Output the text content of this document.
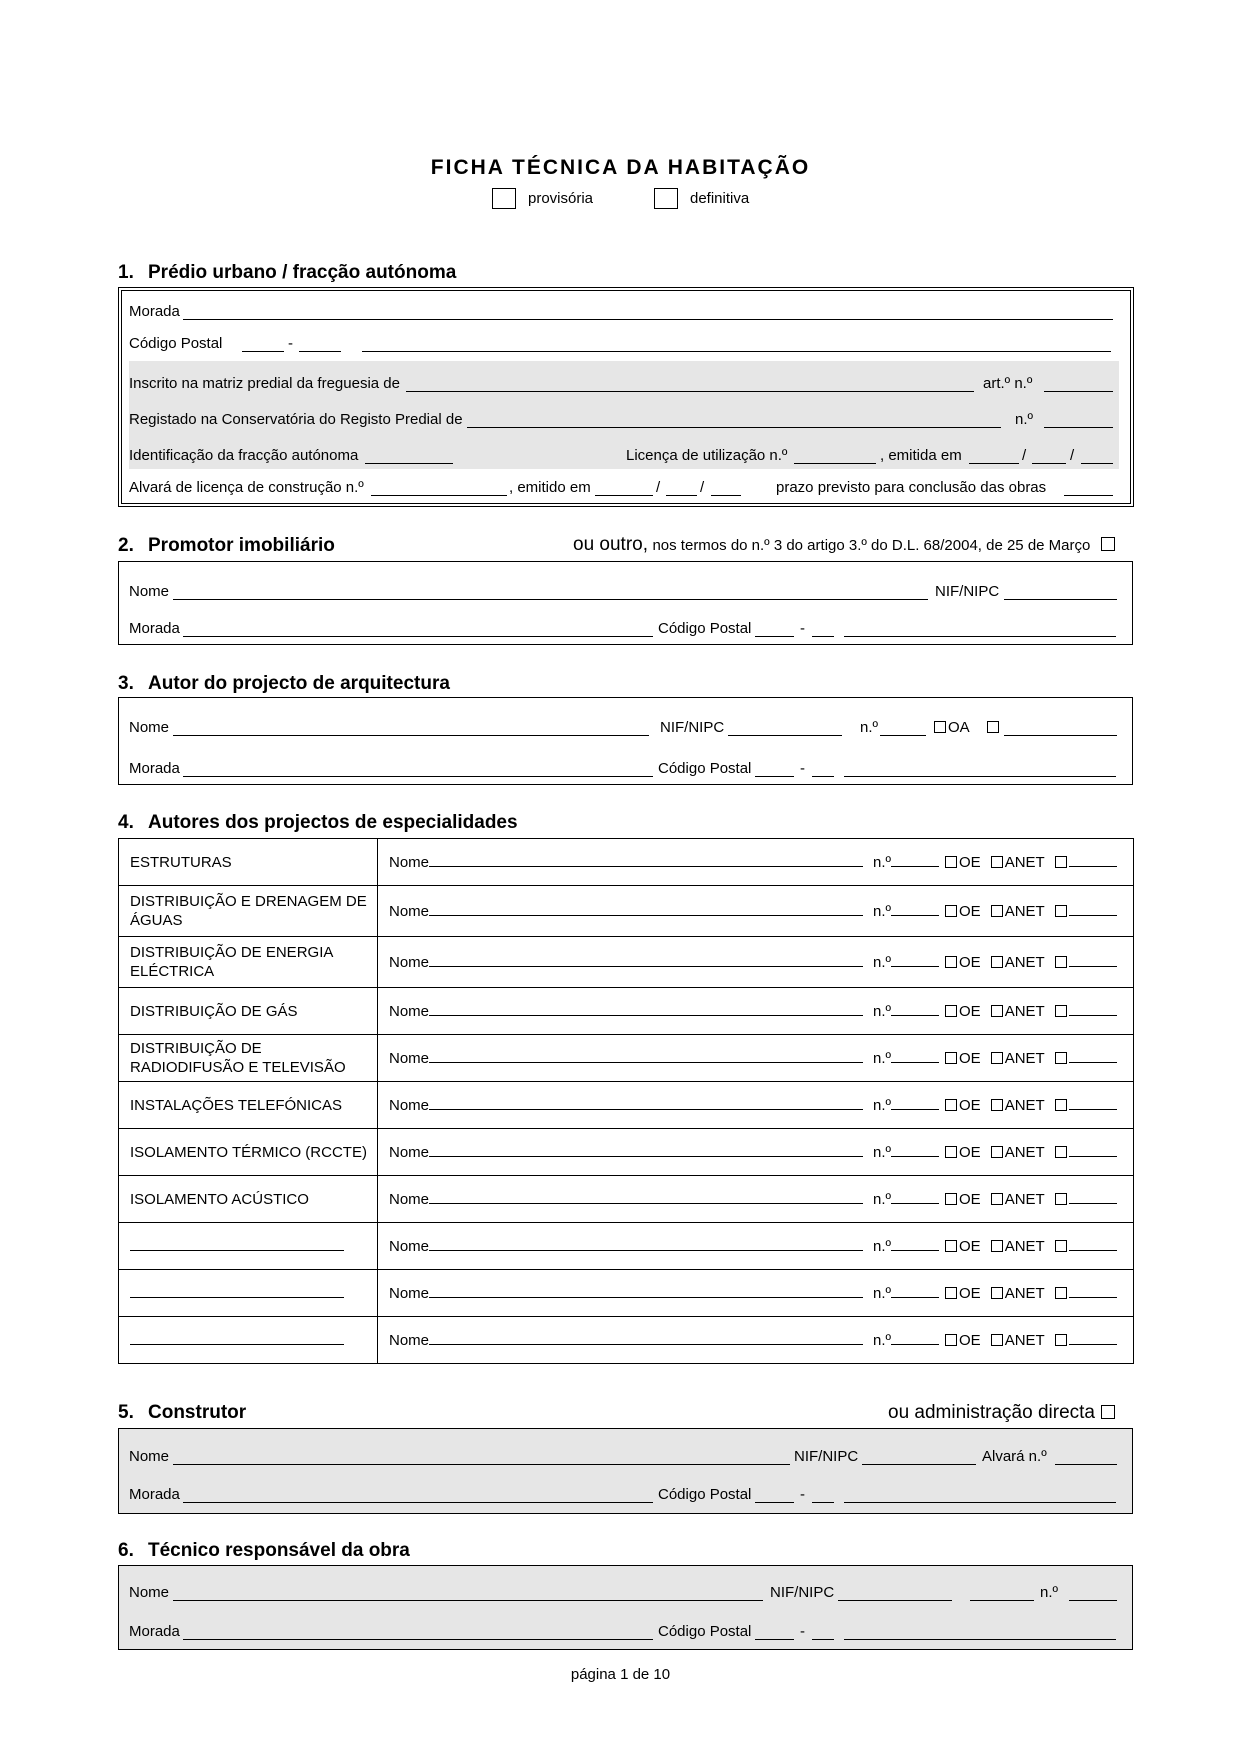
FICHA TÉCNICA DA HABITAÇÃO
provisória	definitiva
1. Prédio urbano / fracção autónoma
Morada
Código Postal	-
Inscrito na matriz predial da freguesia de	art.º n.º
Registado na Conservatória do Registo Predial de	n.º
Identificação da fracção autónoma	Licença de utilização n.º	, emitida em	/	/
Alvará de licença de construção n.º	, emitido em	/	/	prazo previsto para conclusão das obras
2. Promotor imobiliário	ou outro, nos termos do n.º 3 do artigo 3.º do D.L. 68/2004, de 25 de Março
Nome	NIF/NIPC
Morada	Código Postal	-
3. Autor do projecto de arquitectura
Nome	NIF/NIPC	n.º	OA
Morada	Código Postal	-
4. Autores dos projectos de especialidades
ESTRUTURAS	Nome n.º OE ANET
DISTRIBUIÇÃO E DRENAGEM DE ÁGUAS	Nome n.º OE ANET
DISTRIBUIÇÃO DE ENERGIA ELÉCTRICA	Nome n.º OE ANET
DISTRIBUIÇÃO DE GÁS	Nome n.º OE ANET
DISTRIBUIÇÃO DE RADIODIFUSÃO E TELEVISÃO	Nome n.º OE ANET
INSTALAÇÕES TELEFÓNICAS	Nome n.º OE ANET
ISOLAMENTO TÉRMICO (RCCTE)	Nome n.º OE ANET
ISOLAMENTO ACÚSTICO	Nome n.º OE ANET
	Nome n.º OE ANET
	Nome n.º OE ANET
	Nome n.º OE ANET
5. Construtor	ou administração directa
Nome	NIF/NIPC	Alvará n.º
Morada	Código Postal	-
6. Técnico responsável da obra
Nome	NIF/NIPC	n.º
Morada	Código Postal	-
página 1 de 10
